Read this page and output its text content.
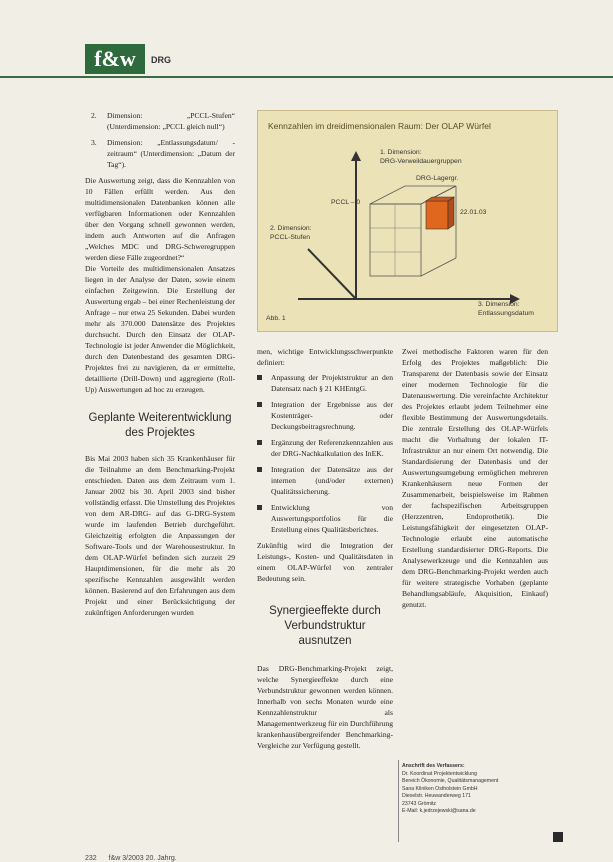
f&w	DRG
2. Dimension: „PCCL-Stufen“ (Unterdimension: „PCCL gleich null“)
3. Dimension: „Entlassungsdatum/ -zeitraum“ (Unterdimension: „Datum der Tag“).

Die Auswertung zeigt, dass die Kennzahlen von 10 Fällen erfüllt werden. Aus den multidimensionalen Datenbanken können alle verfügbaren Informationen oder Kennzahlen über den Vorgang schnell gewonnen werden, indem auch Antworten auf die Anfragen „Welches MDC und DRG-Schweregruppen werden diese Fälle zugeordnet?“

Die Vorteile des multidimensionalen Ansatzes liegen in der Analyse der Daten, sowie einem einfachen Zeitgewinn. Die Erstellung der Auswertung ergab – bei einer Rechenleistung der Anfrage – nur etwa 25 Sekunden. Dabei wurden mehr als 370.000 Datensätze des Projektes durchsucht. Durch den Einsatz der OLAP-Technologie ist jeder Anwender die Möglichkeit, durch den Datenbestand des gesamten DRG-Projektes frei zu navigieren, da er ermittelte, detaillierte (Drill-Down) und aggregierte (Roll-Up) Auswertungen ad hoc zu erzeugen.

Geplante Weiterentwicklung des Projektes

Bis Mai 2003 haben sich 35 Krankenhäuser für die Teilnahme an dem Benchmarking-Projekt entschieden. Daten aus dem Zeitraum vom 1. Januar 2002 bis 30. April 2003 sind bisher vollständig erfasst. Die Umstellung des Projektes von dem AR-DRG- auf das G-DRG-System wurde im laufenden Betrieb durchgeführt. Gleichzeitig erfolgten die Anpassungen der Software-Tools und der Warehousestruktur. In dem OLAP-Würfel befinden sich zurzeit 29 Hauptdimensionen, für die mehr als 20 spezifische Kennzahlen ausgewählt werden können. Basierend auf den Erfahrungen aus dem Projekt und einer Berücksichtigung der zukünftigen Anforderungen wurden

Kennzahlen im dreidimensionalen Raum: Der OLAP Würfel
1. Dimension:
DRG-Verweildauergruppen
DRG-Lagergr.
PCCL – 0
22.01.03
2. Dimension:
PCCL-Stufen
3. Dimension:
Entlassungsdatum
Abb. 1

men, wichtige Entwicklungsschwerpunkte definiert:

Anpassung der Projektstruktur an den Datensatz nach § 21 KHEntgG.
Integration der Ergebnisse aus der Kostenträger- oder Deckungsbeitragsrechnung.
Ergänzung der Referenzkennzahlen aus der DRG-Nachkalkulation des InEK.
Integration der Datensätze aus der internen (und/oder externen) Qualitätssicherung.
Entwicklung von Auswertungsportfolios für die Erstellung eines Qualitätsberichtes.

Zukünftig wird die Integration der Leistungs-, Kosten- und Qualitätsdaten in einem OLAP-Würfel von zentraler Bedeutung sein.

Synergieeffekte durch Verbundstruktur ausnutzen

Das DRG-Benchmarking-Projekt zeigt, welche Synergieeffekte durch eine Verbundstruktur gewonnen werden können. Innerhalb von sechs Monaten wurde eine Kennzahlenstruktur als Managementwerkzeug für ein Durchführung krankenhausübergreifender Benchmarking-Vergleiche zur Verfügung gestellt.

Zwei methodische Faktoren waren für den Erfolg des Projektes maßgeblich: Die Transparenz der Datenbasis sowie der Einsatz einer modernen Technologie für die Datenauswertung. Die vereinfachte Architektur des Projektes erlaubt jedem Teilnehmer eine flexible Bestimmung der Auswertungsdetails. Die zentrale Erstellung des OLAP-Würfels macht die Vorhaltung der lokalen IT-Infrastruktur an nur einem Ort notwendig. Die Standardisierung der Datenbasis und der Auswertungsumgebung ermöglichen mehreren Krankenhäusern neue Formen der Zusammenarbeit, beispielsweise im Rahmen der fachspezifischen Arbeitsgruppen (Herzzentren, Endoprothetik). Die Leistungsfähigkeit der eingesetzten OLAP-Technologie erlaubt eine automatische Erstellung standardisierter DRG-Reports. Die Analysewerkzeuge und die Kennzahlen aus dem DRG-Benchmarking-Projekt werden auch für weitere strategische Vorhaben (geplante Behandlungsabläufe, Akquisition, Einkauf) genutzt.

Anschrift des Verfassers:
Dr. Koordinat Projektentwicklung
Bereich Ökonomie, Qualitätsmanagement
Sana Kliniken Ostholstein GmbH
Dieselstr. Heuwanderweg 171
23743 Grömitz
E-Mail: k.jedrzejewski@sana.de
232 f&w 3/2003 20. Jahrg.
